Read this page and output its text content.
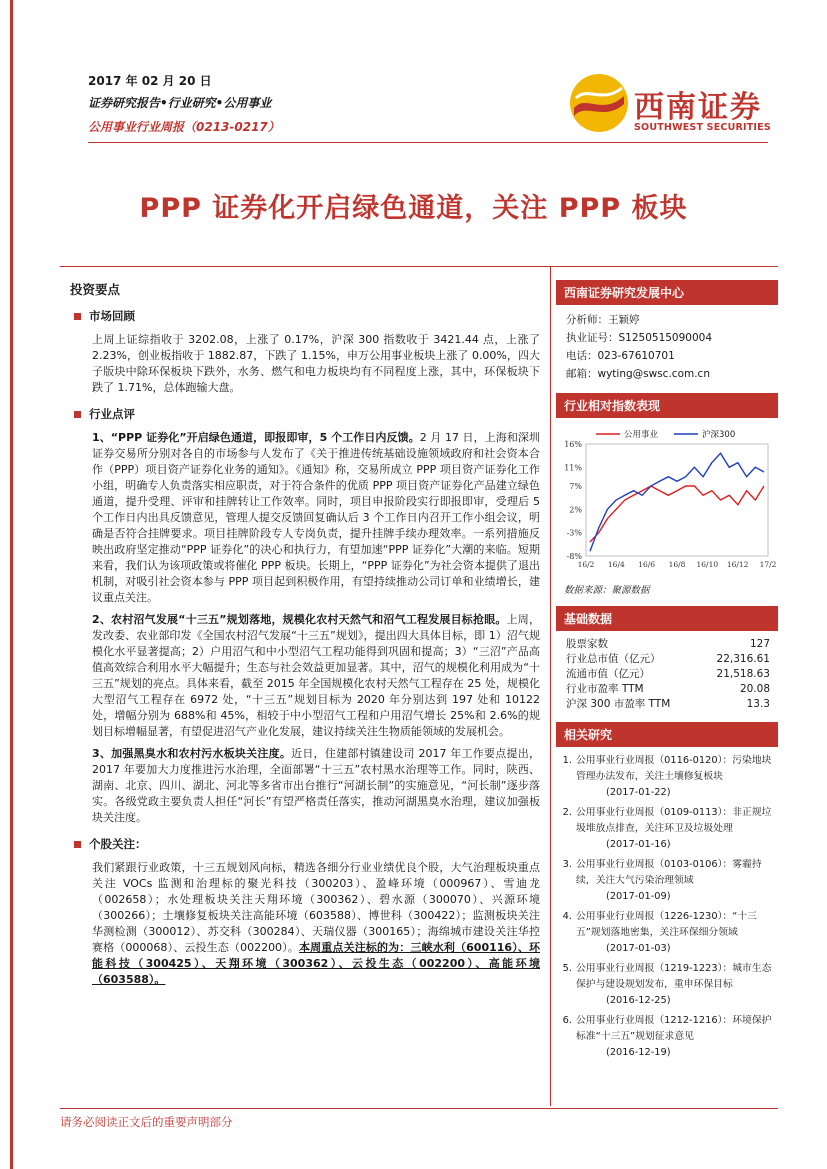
2017 年 02 月 20 日
证券研究报告•行业研究•公用事业
公用事业行业周报（0213-0217）
西南证券
SOUTHWEST SECURITIES
PPP 证券化开启绿色通道，关注 PPP 板块
投资要点
市场回顾

上周上证综指收于 3202.08，上涨了 0.17%，沪深 300 指数收于 3421.44 点，上涨了 2.23%，创业板指收于 1882.87，下跌了 1.15%，申万公用事业板块上涨了 0.00%，四大子版块中除环保板块下跌外，水务、燃气和电力板块均有不同程度上涨，其中，环保板块下跌了 1.71%，总体跑输大盘。

行业点评

1、“PPP 证券化”开启绿色通道，即报即审，5 个工作日内反馈。2 月 17 日，上海和深圳证券交易所分别对各自的市场参与人发布了《关于推进传统基础设施领域政府和社会资本合作（PPP）项目资产证券化业务的通知》。《通知》称，交易所成立 PPP 项目资产证券化工作小组，明确专人负责落实相应职责，对于符合条件的优质 PPP 项目资产证券化产品建立绿色通道，提升受理、评审和挂牌转让工作效率。同时，项目申报阶段实行即报即审，受理后 5 个工作日内出具反馈意见，管理人提交反馈回复确认后 3 个工作日内召开工作小组会议，明确是否符合挂牌要求。项目挂牌阶段专人专岗负责，提升挂牌手续办理效率。一系列措施反映出政府坚定推动“PPP 证券化”的决心和执行力，有望加速“PPP 证券化”大潮的来临。短期来看，我们认为该项政策或将催化 PPP 板块。长期上，“PPP 证券化”为社会资本提供了退出机制，对吸引社会资本参与 PPP 项目起到积极作用，有望持续推动公司订单和业绩增长，建议重点关注。

2、农村沼气发展“十三五”规划落地，规模化农村天然气和沼气工程发展目标抢眼。上周，发改委、农业部印发《全国农村沼气发展“十三五”规划》，提出四大具体目标，即 1）沼气规模化水平显著提高；2）户用沼气和中小型沼气工程功能得到巩固和提高；3）“三沼”产品高值高效综合利用水平大幅提升；生态与社会效益更加显著。其中，沼气的规模化利用成为“十三五”规划的亮点。具体来看，截至 2015 年全国规模化农村天然气工程存在 25 处，规模化大型沼气工程存在 6972 处，“十三五”规划目标为 2020 年分别达到 197 处和 10122 处，增幅分别为 688%和 45%，相较于中小型沼气工程和户用沼气增长 25%和 2.6%的规划目标增幅显著，有望促进沼气产业化发展，建议持续关注生物质能领域的发展机会。

3、加强黑臭水和农村污水板块关注度。近日，住建部村镇建设司 2017 年工作要点提出，2017 年要加大力度推进污水治理，全面部署“十三五”农村黑水治理等工作。同时，陕西、湖南、北京、四川、湖北、河北等多省市出台推行“河湖长制”的实施意见，“河长制”逐步落实。各级党政主要负责人担任“河长”有望严格责任落实，推动河湖黑臭水治理，建议加强板块关注度。

个股关注：

我们紧跟行业政策，十三五规划风向标，精选各细分行业业绩优良个股，大气治理板块重点关注 VOCs 监测和治理标的聚光科技（300203）、盈峰环境（000967）、雪迪龙（002658）；水处理板块关注天翔环境（300362）、碧水源（300070）、兴源环境（300266）；土壤修复板块关注高能环境（603588）、博世科（300422）；监测板块关注华测检测（300012）、苏交科（300284）、天瑞仪器（300165）；海绵城市建设关注华控赛格（000068）、云投生态（002200）。本周重点关注标的为：三峡水利（600116）、环能科技（300425）、天翔环境（300362）、云投生态（002200）、高能环境（603588）。

西南证券研究发展中心
分析师：王颖婷
执业证号：S1250515090004
电话：023-67610701
邮箱：wyting@swsc.com.cn
行业相对指数表现
16%
11%
7%
2%
-3%
-8%
16/2 16/4 16/6 16/8 16/10 16/12 17/2
公用事业	沪深300
数据来源：聚源数据
基础数据
股票家数	127
行业总市值（亿元）	22,316.61
流通市值（亿元）	21,518.63
行业市盈率 TTM	20.08
沪深 300 市盈率 TTM	13.3
相关研究
1. 公用事业行业周报（0116-0120）：污染地块管理办法发布，关注土壤修复板块
(2017-01-22)
2. 公用事业行业周报（0109-0113）：非正规垃圾堆放点排查，关注环卫及垃圾处理
(2017-01-16)
3. 公用事业行业周报（0103-0106）：雾霾持续，关注大气污染治理领域
(2017-01-09)
4. 公用事业行业周报（1226-1230）：“十三五”规划落地密集，关注环保细分领域
(2017-01-03)
5. 公用事业行业周报（1219-1223）：城市生态保护与建设规划发布，重申环保目标
(2016-12-25)
6. 公用事业行业周报（1212-1216）：环境保护标准“十三五”规划征求意见
(2016-12-19)
请务必阅读正文后的重要声明部分
